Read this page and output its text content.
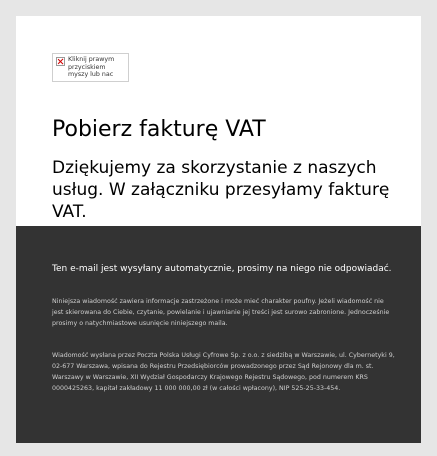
Kliknij prawym przyciskiem myszy lub nac
Pobierz fakturę VAT

Dziękujemy za skorzystanie z naszych usług. W załączniku przesyłamy fakturę VAT.

Ten e-mail jest wysyłany automatycznie, prosimy na niego nie odpowiadać.

Niniejsza wiadomość zawiera informacje zastrzeżone i może mieć charakter poufny. Jeżeli wiadomość nie jest skierowana do Ciebie, czytanie, powielanie i ujawnianie jej treści jest surowo zabronione. Jednocześnie prosimy o natychmiastowe usunięcie niniejszego maila.

Wiadomość wysłana przez Poczta Polska Usługi Cyfrowe Sp. z o.o. z siedzibą w Warszawie, ul. Cybernetyki 9, 02-677 Warszawa, wpisana do Rejestru Przedsiębiorców prowadzonego przez Sąd Rejonowy dla m. st. Warszawy w Warszawie, XII Wydział Gospodarczy Krajowego Rejestru Sądowego, pod numerem KRS 0000425263, kapitał zakładowy 11 000 000,00 zł (w całości wpłacony), NIP 525-25-33-454.
